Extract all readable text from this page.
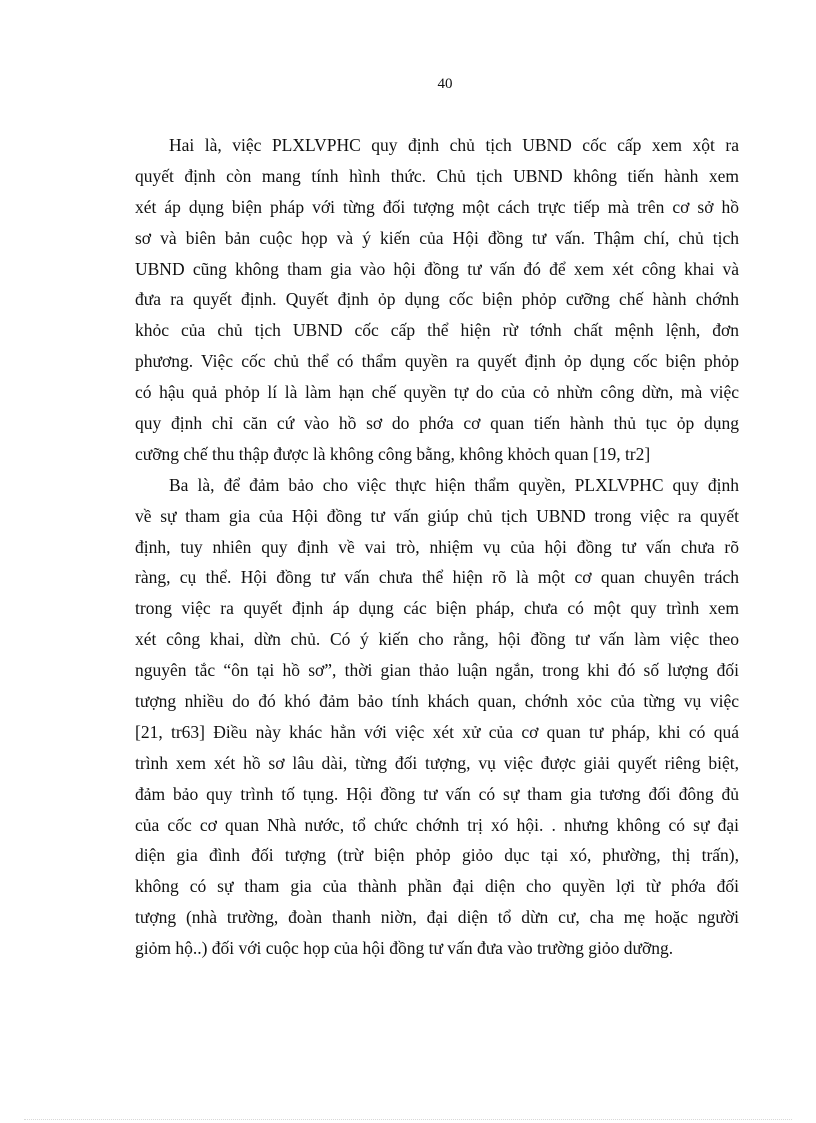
40
Hai là, việc PLXLVPHC quy định chủ tịch UBND cốc cấp xem xột ra
quyết định còn mang tính hình thức. Chủ tịch UBND không tiến hành xem
xét áp dụng biện pháp với từng đối tượng một cách trực tiếp mà trên cơ sở hồ
sơ và biên bản cuộc họp và ý kiến của Hội đồng tư vấn. Thậm chí, chủ tịch
UBND cũng không tham gia vào hội đồng tư vấn đó để xem xét công khai và
đưa ra quyết định. Quyết định ỏp dụng cốc biện phỏp cưỡng chế hành chớnh
khỏc của chủ tịch UBND cốc cấp thể hiện rừ tớnh chất mệnh lệnh, đơn
phương. Việc cốc chủ thể có thẩm quyền ra quyết định ỏp dụng cốc biện phỏp
có hậu quả phỏp lí là làm hạn chế quyền tự do của cỏ nhừn công dừn, mà việc
quy định chỉ căn cứ vào hồ sơ do phớa cơ quan tiến hành thủ tục ỏp dụng
cưỡng chế thu thập được là không công bằng, không khỏch quan [19, tr2]
Ba là, để đảm bảo cho việc thực hiện thẩm quyền, PLXLVPHC quy định
về sự tham gia của Hội đồng tư vấn giúp chủ tịch UBND trong việc ra quyết
định, tuy nhiên quy định về vai trò, nhiệm vụ của hội đồng tư vấn chưa rõ
ràng, cụ thể. Hội đồng tư vấn chưa thể hiện rõ là một cơ quan chuyên trách
trong việc ra quyết định áp dụng các biện pháp, chưa có một quy trình xem
xét công khai, dừn chủ. Có ý kiến cho rằng, hội đồng tư vấn làm việc theo
nguyên tắc “ôn tại hồ sơ”, thời gian thảo luận ngắn, trong khi đó số lượng đối
tượng nhiều do đó khó đảm bảo tính khách quan, chớnh xỏc của từng vụ việc
[21, tr63] Điều này khác hẳn với việc xét xử của cơ quan tư pháp, khi có quá
trình xem xét hồ sơ lâu dài, từng đối tượng, vụ việc được giải quyết riêng biệt,
đảm bảo quy trình tố tụng. Hội đồng tư vấn có sự tham gia tương đối đông đủ
của cốc cơ quan Nhà nước, tổ chức chớnh trị xó hội. . nhưng không có sự đại
diện gia đình đối tượng (trừ biện phỏp giỏo dục tại xó, phường, thị trấn),
không có sự tham gia của thành phần đại diện cho quyền lợi từ phớa đối
tượng (nhà trường, đoàn thanh niờn, đại diện tổ dừn cư, cha mẹ hoặc người
giỏm hộ..) đối với cuộc họp của hội đồng tư vấn đưa vào trường giỏo dưỡng.
